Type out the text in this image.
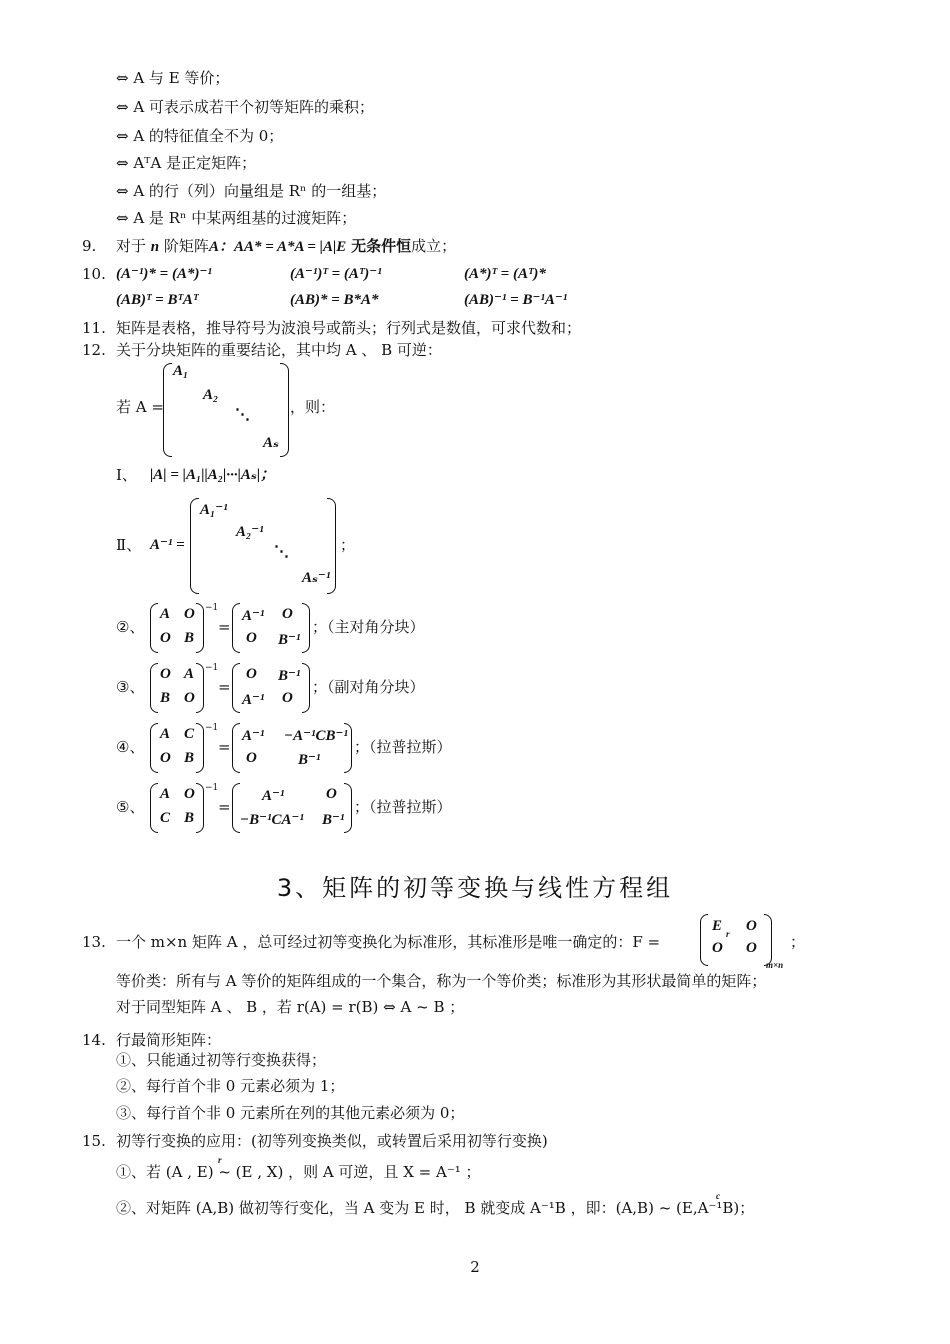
⇔ A 与 E 等价；
⇔ A 可表示成若干个初等矩阵的乘积；
⇔ A 的特征值全不为 0；
⇔ AᵀA 是正定矩阵；
⇔ A 的行（列）向量组是 Rⁿ 的一组基；
⇔ A 是 Rⁿ 中某两组基的过渡矩阵；
9. 对于 n 阶矩阵A：AA* = A*A = |A|E 无条件恒成立；
10. (A⁻¹)* = (A*)⁻¹	(A⁻¹)ᵀ = (Aᵀ)⁻¹	(A*)ᵀ = (Aᵀ)*
(AB)ᵀ = BᵀAᵀ	(AB)* = B*A*	(AB)⁻¹ = B⁻¹A⁻¹
11. 矩阵是表格，推导符号为波浪号或箭头；行列式是数值，可求代数和；
12. 关于分块矩阵的重要结论，其中均 A 、 B 可逆：
若 A =
A₁
A₂
⋱
Aₛ
，则：
Ⅰ、 |A| = |A₁||A₂|···|Aₛ|；
Ⅱ、 A⁻¹ =
A₁⁻¹
A₂⁻¹
⋱
Aₛ⁻¹
；
②、
A O
O B
−1
=
A⁻¹ O
O B⁻¹
；（主对角分块）
③、
O A
B O
−1
=
O B⁻¹
A⁻¹ O
；（副对角分块）
④、
A C
O B
−1
=
A⁻¹ −A⁻¹CB⁻¹
O	B⁻¹
；（拉普拉斯）
⑤、
A O
C B
−1
=
A⁻¹	O
−B⁻¹CA⁻¹ B⁻¹
；（拉普拉斯）
3、矩阵的初等变换与线性方程组
13. 一个 m×n 矩阵 A ，总可经过初等变换化为标准形，其标准形是唯一确定的：F =
E r O
O O
m×n
；
等价类：所有与 A 等价的矩阵组成的一个集合，称为一个等价类；标准形为其形状最简单的矩阵；
对于同型矩阵 A 、 B ，若 r(A) = r(B) ⇔ A ~ B ；
14. 行最简形矩阵：
①、只能通过初等行变换获得；
②、每行首个非 0 元素必须为 1；
③、每行首个非 0 元素所在列的其他元素必须为 0；
15. 初等行变换的应用：(初等列变换类似，或转置后采用初等行变换)
r
①、若 (A , E) ~ (E , X) ，则 A 可逆，且 X = A⁻¹ ；
c
②、对矩阵 (A,B) 做初等行变化，当 A 变为 E 时， B 就变成 A⁻¹B ，即：(A,B) ~ (E,A⁻¹B)；
2
